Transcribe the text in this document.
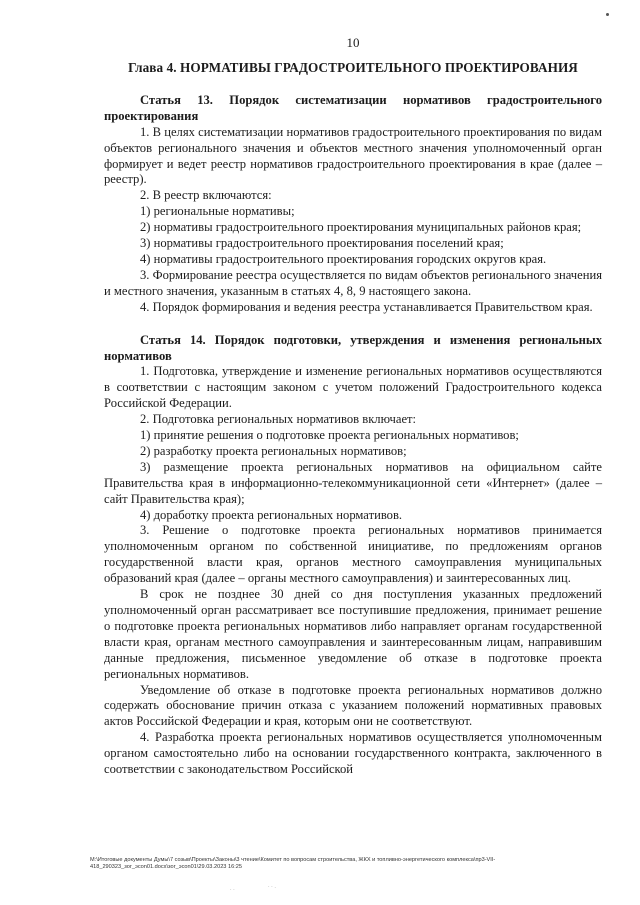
· ·	· · .
10
Глава 4. НОРМАТИВЫ ГРАДОСТРОИТЕЛЬНОГО ПРОЕКТИРОВАНИЯ

Статья 13. Порядок систематизации нормативов градостроительного проектирования

1. В целях систематизации нормативов градостроительного проектирования по видам объектов регионального значения и объектов местного значения уполномоченный орган формирует и ведет реестр нормативов градостроительного проектирования в крае (далее – реестр).

2. В реестр включаются:

1) региональные нормативы;

2) нормативы градостроительного проектирования муниципальных районов края;

3) нормативы градостроительного проектирования поселений края;

4) нормативы градостроительного проектирования городских округов края.

3. Формирование реестра осуществляется по видам объектов регионального значения и местного значения, указанным в статьях 4, 8, 9 настоящего закона.

4. Порядок формирования и ведения реестра устанавливается Правительством края.

Статья 14. Порядок подготовки, утверждения и изменения региональных нормативов

1. Подготовка, утверждение и изменение региональных нормативов осуществляются в соответствии с настоящим законом с учетом положений Градостроительного кодекса Российской Федерации.

2. Подготовка региональных нормативов включает:

1) принятие решения о подготовке проекта региональных нормативов;

2) разработку проекта региональных нормативов;

3) размещение проекта региональных нормативов на официальном сайте Правительства края в информационно-телекоммуникационной сети «Интернет» (далее – сайт Правительства края);

4) доработку проекта региональных нормативов.

3. Решение о подготовке проекта региональных нормативов принимается уполномоченным органом по собственной инициативе, по предложениям органов государственной власти края, органов местного самоуправления муниципальных образований края (далее – органы местного самоуправления) и заинтересованных лиц.

В срок не позднее 30 дней со дня поступления указанных предложений уполномоченный орган рассматривает все поступившие предложения, принимает решение о подготовке проекта региональных нормативов либо направляет органам государственной власти края, органам местного самоуправления и заинтересованным лицам, направившим данные предложения, письменное уведомление об отказе в подготовке проекта региональных нормативов.

Уведомление об отказе в подготовке проекта региональных нормативов должно содержать обоснование причин отказа с указанием положений нормативных правовых актов Российской Федерации и края, которым они не соответствуют.

4. Разработка проекта региональных нормативов осуществляется уполномоченным органом самостоятельно либо на основании государственного контракта, заключенного в соответствии с законодательством Российской

М:\Итоговые документы Думы\7 созыв\Проекты\Законы\3 чтение\Комитет по вопросам строительства, ЖКХ и топливно-энергетического комплекса\пр3-VII-418_290323_зог_эcon01.docx\зог_эcon01\29.03.2023 16:25
